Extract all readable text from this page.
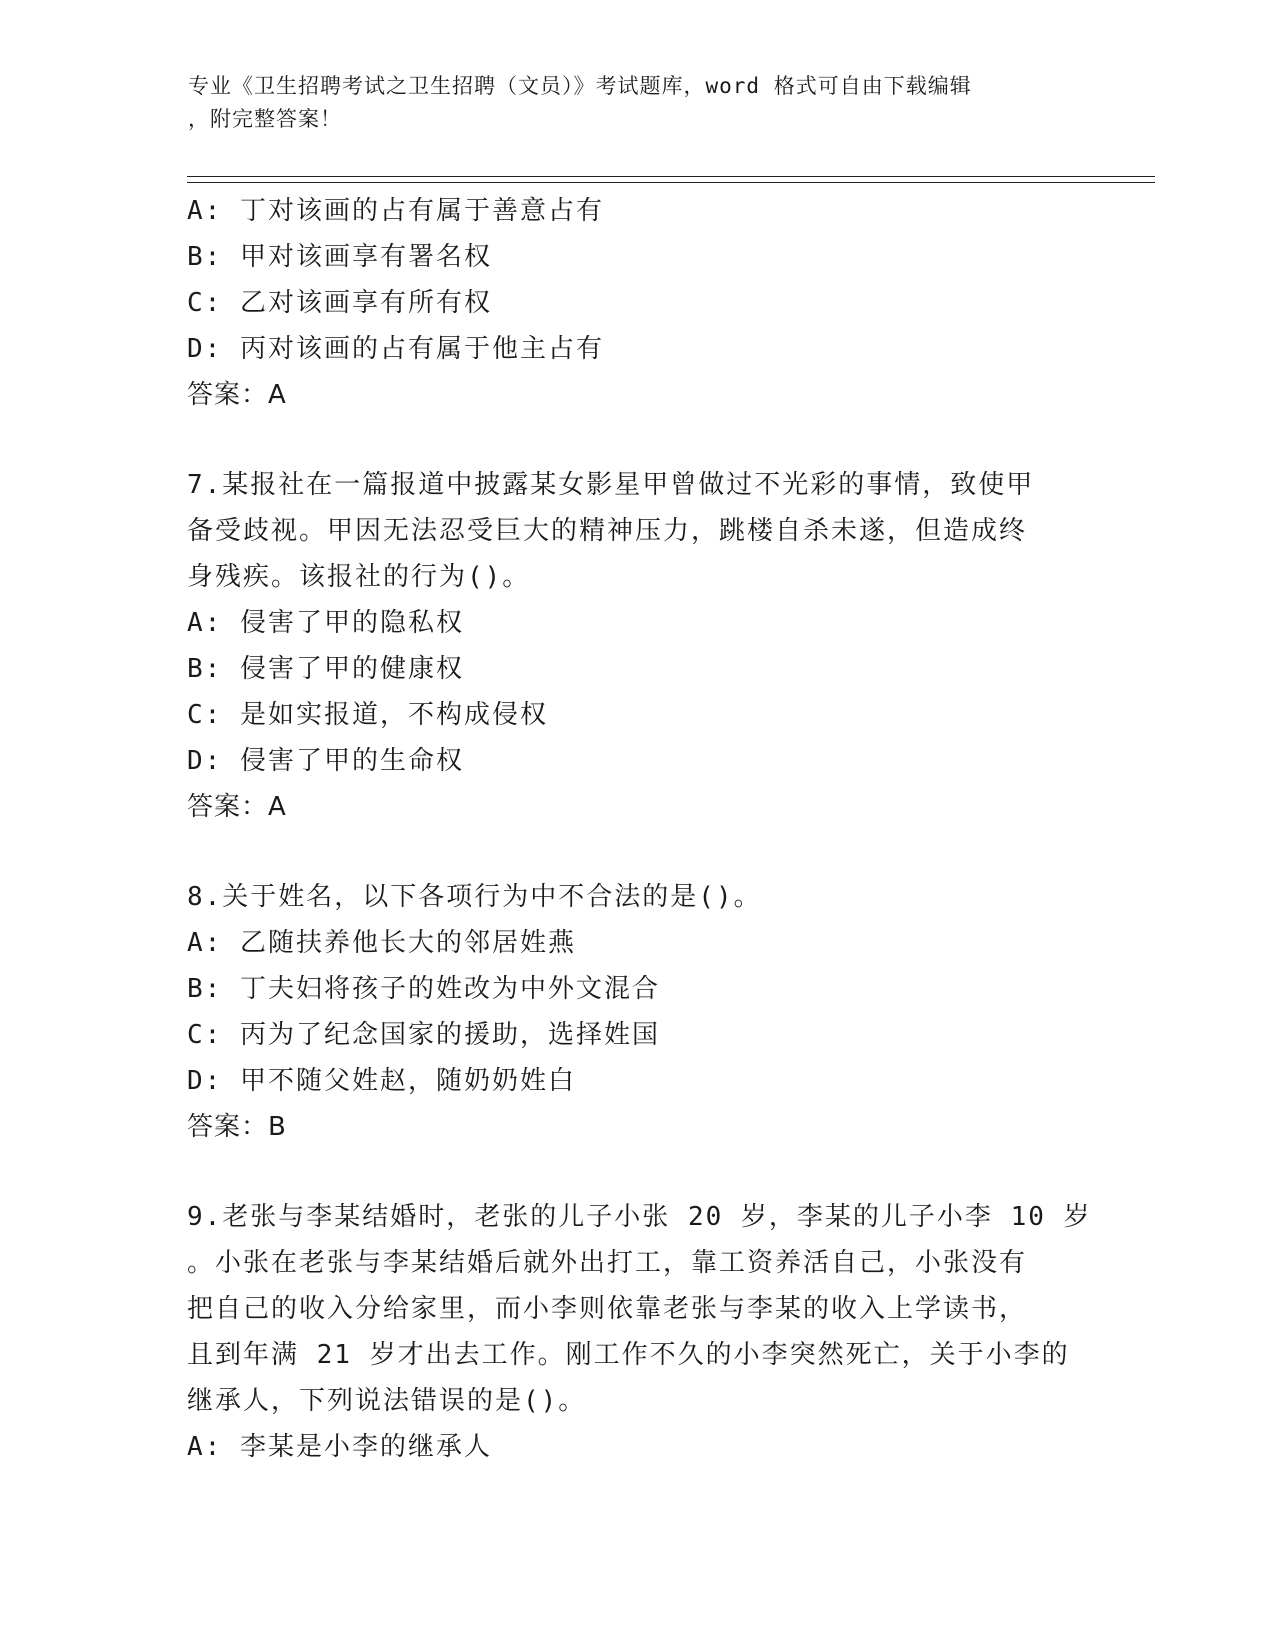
专业《卫生招聘考试之卫生招聘（文员）》考试题库，word 格式可自由下载编辑
，附完整答案！
A: 丁对该画的占有属于善意占有
B: 甲对该画享有署名权
C: 乙对该画享有所有权
D: 丙对该画的占有属于他主占有
答案：A
7.某报社在一篇报道中披露某女影星甲曾做过不光彩的事情，致使甲
备受歧视。甲因无法忍受巨大的精神压力，跳楼自杀未遂，但造成终
身残疾。该报社的行为()。
A: 侵害了甲的隐私权
B: 侵害了甲的健康权
C: 是如实报道，不构成侵权
D: 侵害了甲的生命权
答案：A
8.关于姓名，以下各项行为中不合法的是()。
A: 乙随扶养他长大的邻居姓燕
B: 丁夫妇将孩子的姓改为中外文混合
C: 丙为了纪念国家的援助，选择姓国
D: 甲不随父姓赵，随奶奶姓白
答案：B
9.老张与李某结婚时，老张的儿子小张 20 岁，李某的儿子小李 10 岁
。小张在老张与李某结婚后就外出打工，靠工资养活自己，小张没有
把自己的收入分给家里，而小李则依靠老张与李某的收入上学读书，
且到年满 21 岁才出去工作。刚工作不久的小李突然死亡，关于小李的
继承人，下列说法错误的是()。
A: 李某是小李的继承人
